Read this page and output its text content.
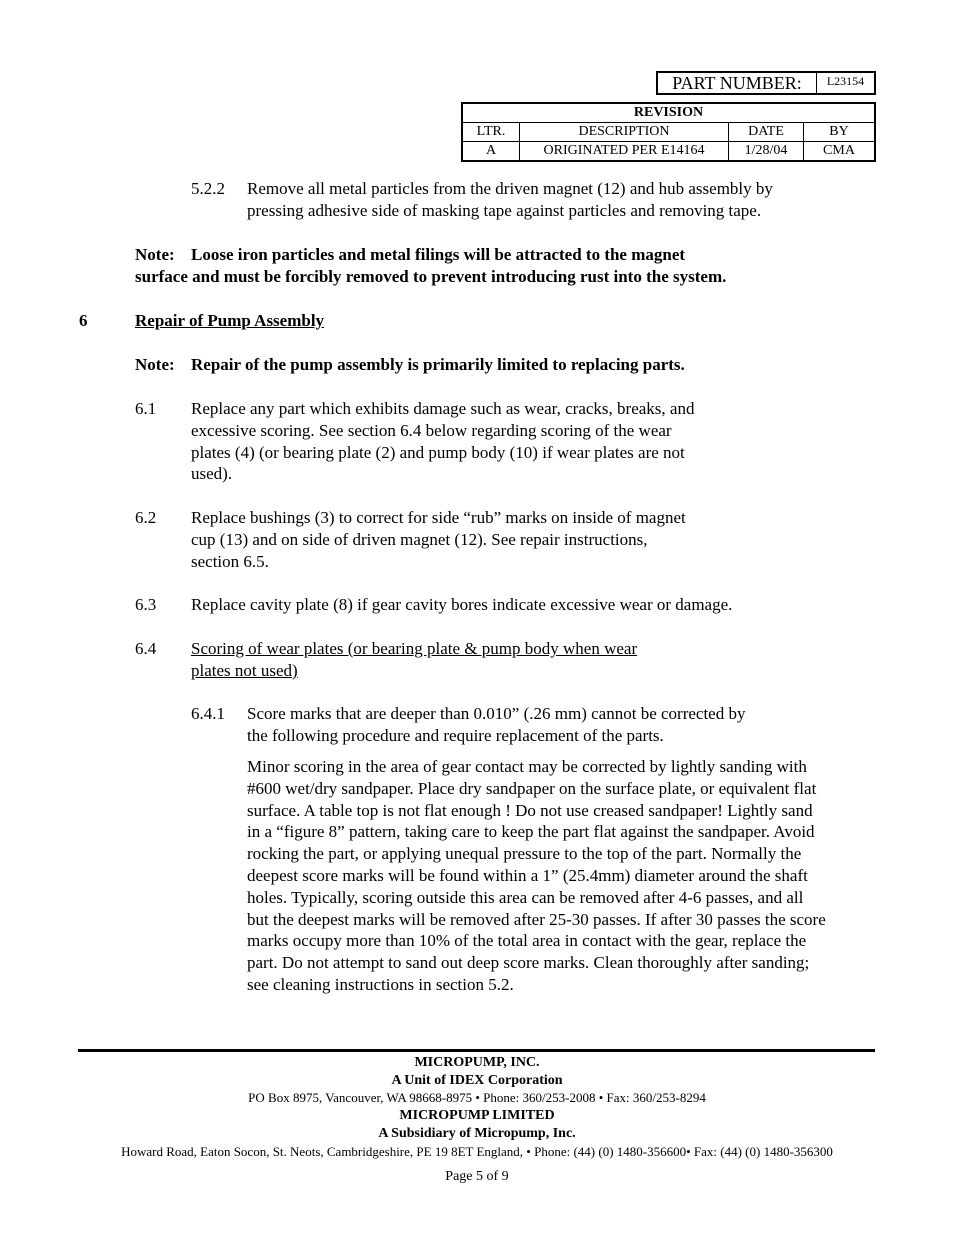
PART NUMBER:	L23154
REVISION			
LTR.	DESCRIPTION	DATE	BY
A	ORIGINATED PER E14164	1/28/04	CMA
5.2.2 Remove all metal particles from the driven magnet (12) and hub assembly by
pressing adhesive side of masking tape against particles and removing tape.
Note: Loose iron particles and metal filings will be attracted to the magnet
surface and must be forcibly removed to prevent introducing rust into the system.
6	Repair of Pump Assembly
Note: Repair of the pump assembly is primarily limited to replacing parts.
6.1 Replace any part which exhibits damage such as wear, cracks, breaks, and
excessive scoring. See section 6.4 below regarding scoring of the wear
plates (4) (or bearing plate (2) and pump body (10) if wear plates are not
used).
6.2 Replace bushings (3) to correct for side “rub” marks on inside of magnet
cup (13) and on side of driven magnet (12). See repair instructions,
section 6.5.
6.3 Replace cavity plate (8) if gear cavity bores indicate excessive wear or damage.
6.4 Scoring of wear plates (or bearing plate & pump body when wear
plates not used)
6.4.1 Score marks that are deeper than 0.010” (.26 mm) cannot be corrected by
the following procedure and require replacement of the parts.
Minor scoring in the area of gear contact may be corrected by lightly sanding with
#600 wet/dry sandpaper. Place dry sandpaper on the surface plate, or equivalent flat
surface. A table top is not flat enough ! Do not use creased sandpaper! Lightly sand
in a “figure 8” pattern, taking care to keep the part flat against the sandpaper. Avoid
rocking the part, or applying unequal pressure to the top of the part. Normally the
deepest score marks will be found within a 1” (25.4mm) diameter around the shaft
holes. Typically, scoring outside this area can be removed after 4-6 passes, and all
but the deepest marks will be removed after 25-30 passes. If after 30 passes the score
marks occupy more than 10% of the total area in contact with the gear, replace the
part. Do not attempt to sand out deep score marks. Clean thoroughly after sanding;
see cleaning instructions in section 5.2.
MICROPUMP, INC.
A Unit of IDEX Corporation
PO Box 8975, Vancouver, WA 98668-8975 • Phone: 360/253-2008 • Fax: 360/253-8294
MICROPUMP LIMITED
A Subsidiary of Micropump, Inc.
Howard Road, Eaton Socon, St. Neots, Cambridgeshire, PE 19 8ET England, • Phone: (44) (0) 1480-356600• Fax: (44) (0) 1480-356300
Page 5 of 9
